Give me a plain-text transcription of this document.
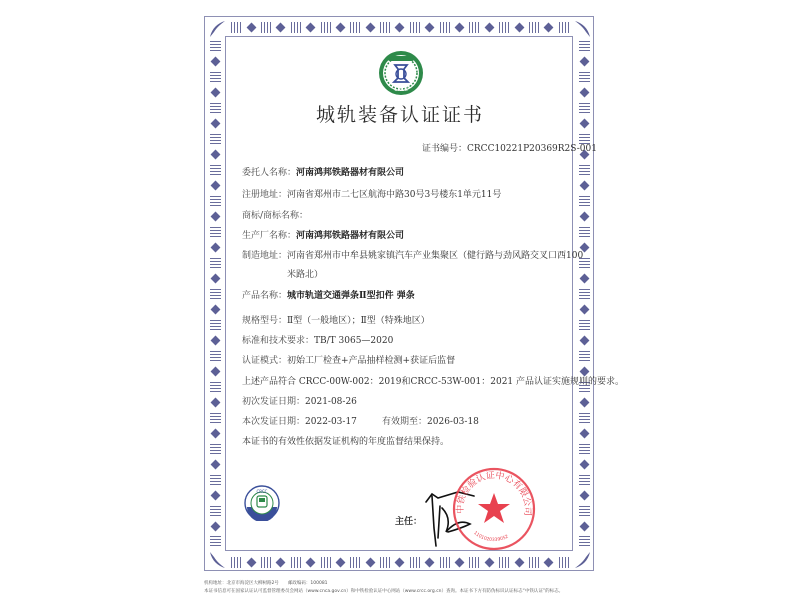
CRCC
城轨装备认证证书
证书编号：CRCC10221P20369R2S-001
委托人名称：河南鸿邦铁路器材有限公司
注册地址：河南省郑州市二七区航海中路30号3号楼东1单元11号
商标/商标名称：
生产厂名称：河南鸿邦铁路器材有限公司
制造地址：河南省郑州市中牟县姚家镇汽车产业集聚区（健行路与劲风路交叉口西100
米路北）
产品名称：城市轨道交通弹条Ⅱ型扣件 弹条
规格型号：Ⅱ型（一般地区）；Ⅱ型（特殊地区）
标准和技术要求：TB/T 3065—2020
认证模式：初始工厂检查+产品抽样检测+获证后监督
上述产品符合 CRCC-00W-002：2019和CRCC-53W-001：2021 产品认证实施规则的要求。
初次发证日期：2021-08-26
本次发证日期：2022-03-17	有效期至：2026-03-18
本证书的有效性依据发证机构的年度监督结果保持。
CRCC
主任：
中铁检验认证中心有限公司
1101020339052
机构地址：北京市海淀区大柳树路2号　　邮政编码：100081
本证书信息可在国家认证认可监督管理委员会网站（www.cnca.gov.cn）和中铁检验认证中心网站（www.crcc.org.cn）查询。本证书下方有防伪标识认证标志“中铁认证”的标志。
